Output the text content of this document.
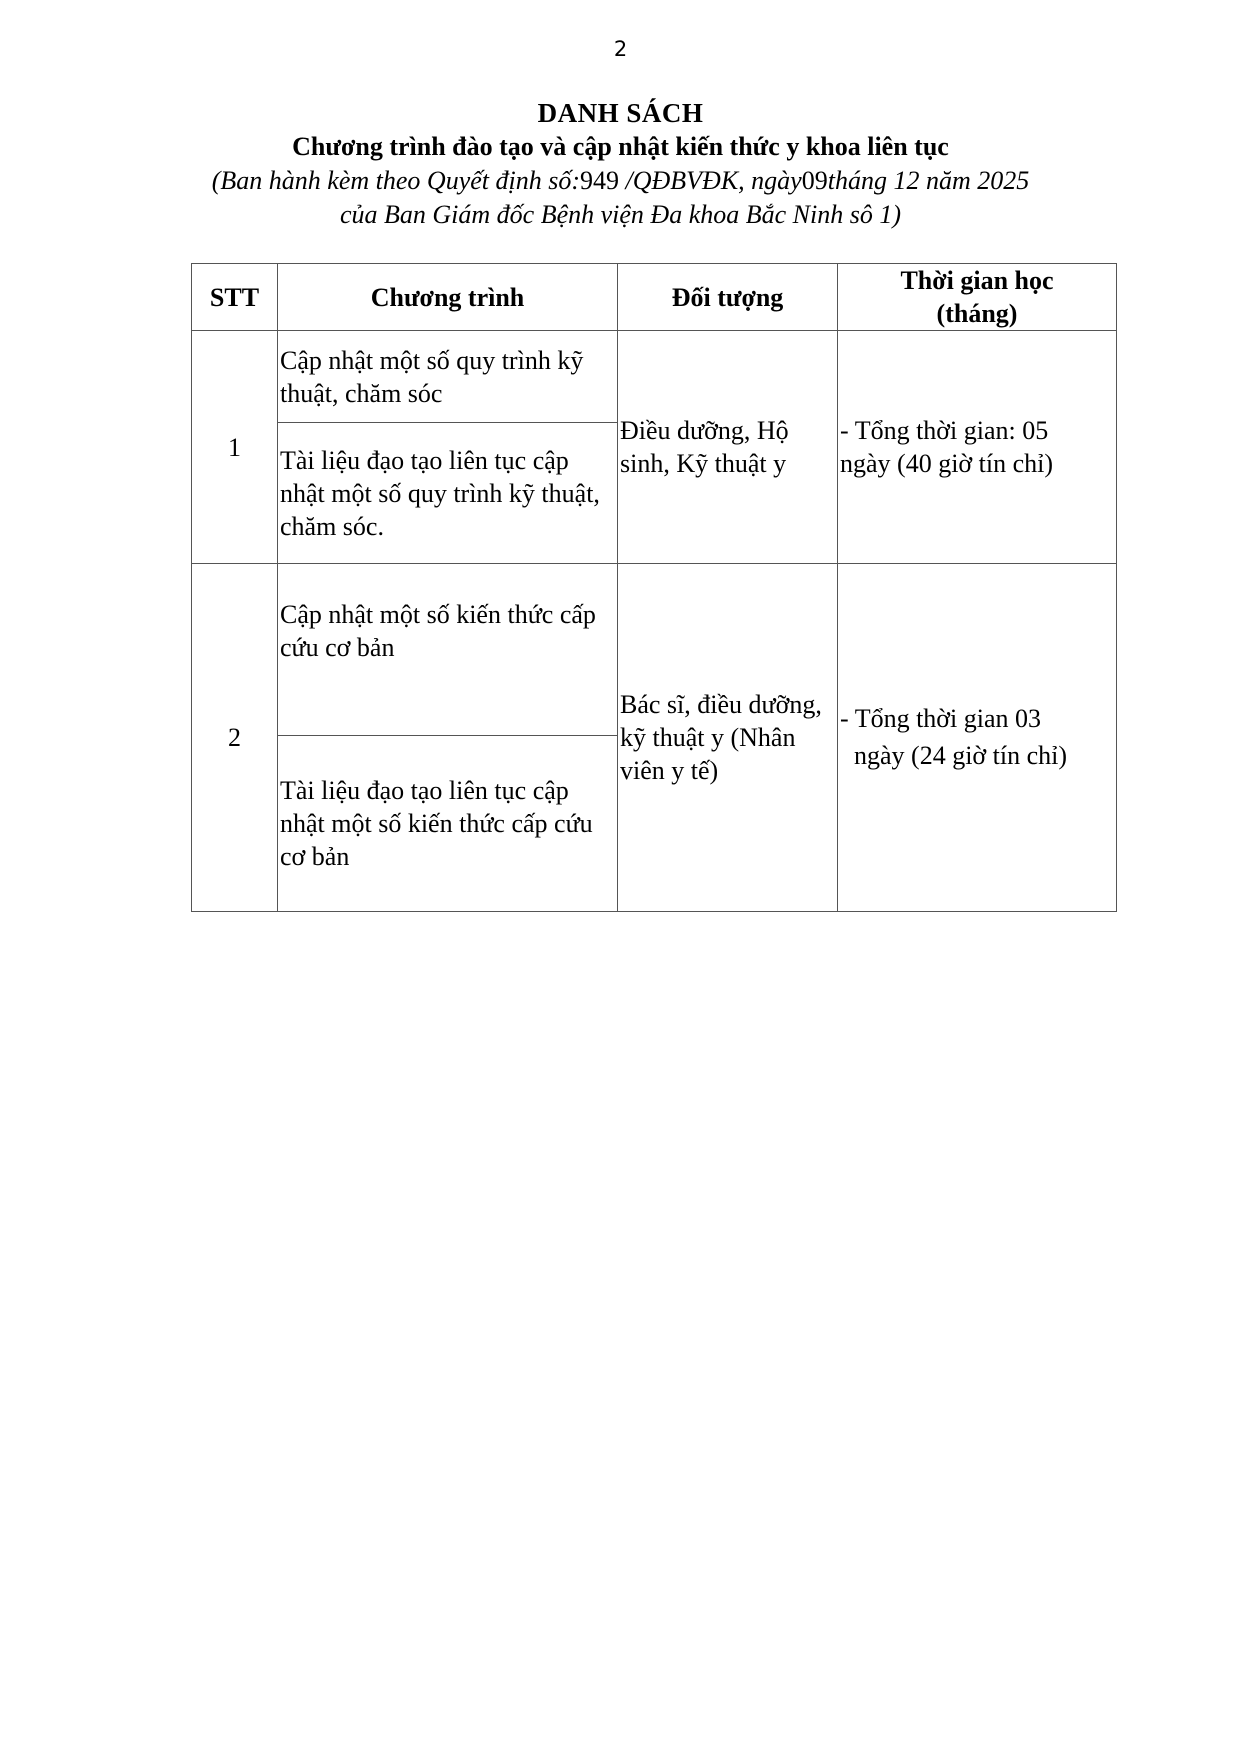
2
DANH SÁCH
Chương trình đào tạo và cập nhật kiến thức y khoa liên tục
(Ban hành kèm theo Quyết định số:949 /QĐBVĐK, ngày09tháng 12 năm 2025
của Ban Giám đốc Bệnh viện Đa khoa Bắc Ninh sô 1)
STT	Chương trình	Đối tượng	Thời gian học
(tháng)

1	Cập nhật một số quy trình kỹ thuật, chăm sóc	Điều dưỡng, Hộ sinh, Kỹ thuật y	- Tổng thời gian: 05
ngày (40 giờ tín chỉ)

	Tài liệu đạo tạo liên tục cập nhật một số quy trình kỹ thuật, chăm sóc.		
2	Cập nhật một số kiến thức cấp cứu cơ bản	Bác sĩ, điều dưỡng, kỹ thuật y (Nhân viên y tế)	- Tổng thời gian 03
ngày (24 giờ tín chỉ)

	Tài liệu đạo tạo liên tục cập nhật một số kiến thức cấp cứu cơ bản		
